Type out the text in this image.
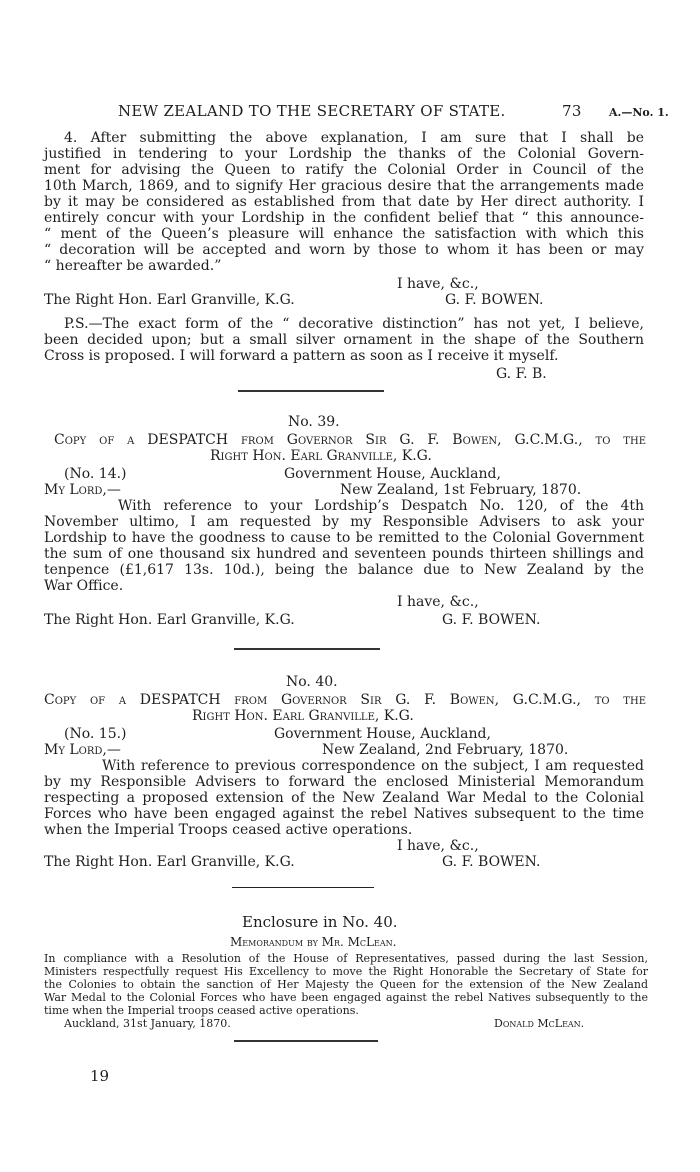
NEW ZEALAND TO THE SECRETARY OF STATE.	73 A.—No. 1.
4. After submitting the above explanation, I am sure that I shall be
justified in tendering to your Lordship the thanks of the Colonial Govern-
ment for advising the Queen to ratify the Colonial Order in Council of the
10th March, 1869, and to signify Her gracious desire that the arrangements made
by it may be considered as established from that date by Her direct authority. I
entirely concur with your Lordship in the confident belief that “ this announce-
“ ment of the Queen’s pleasure will enhance the satisfaction with which this
“ decoration will be accepted and worn by those to whom it has been or may
“ hereafter be awarded.”
I have, &c.,
The Right Hon. Earl Granville, K.G.	G. F. BOWEN.
P.S.—The exact form of the “ decorative distinction” has not yet, I believe,
been decided upon; but a small silver ornament in the shape of the Southern
Cross is proposed. I will forward a pattern as soon as I receive it myself.
G. F. B.
No. 39.
Copy of a DESPATCH from Governor Sir G. F. Bowen, G.C.M.G., to the
Right Hon. Earl Granville, K.G.
(No. 14.)	Government House, Auckland,
My Lord,—	New Zealand, 1st February, 1870.
With reference to your Lordship’s Despatch No. 120, of the 4th
November ultimo, I am requested by my Responsible Advisers to ask your
Lordship to have the goodness to cause to be remitted to the Colonial Government
the sum of one thousand six hundred and seventeen pounds thirteen shillings and
tenpence (£1,617 13s. 10d.), being the balance due to New Zealand by the
War Office.
I have, &c.,
The Right Hon. Earl Granville, K.G.	G. F. BOWEN.
No. 40.
Copy of a DESPATCH from Governor Sir G. F. Bowen, G.C.M.G., to the
Right Hon. Earl Granville, K.G.
(No. 15.)	Government House, Auckland,
My Lord,—	New Zealand, 2nd February, 1870.
With reference to previous correspondence on the subject, I am requested
by my Responsible Advisers to forward the enclosed Ministerial Memorandum
respecting a proposed extension of the New Zealand War Medal to the Colonial
Forces who have been engaged against the rebel Natives subsequent to the time
when the Imperial Troops ceased active operations.
I have, &c.,
The Right Hon. Earl Granville, K.G.	G. F. BOWEN.
Enclosure in No. 40.
Memorandum by Mr. McLean.
In compliance with a Resolution of the House of Representatives, passed during the last Session,
Ministers respectfully request His Excellency to move the Right Honorable the Secretary of State for
the Colonies to obtain the sanction of Her Majesty the Queen for the extension of the New Zealand
War Medal to the Colonial Forces who have been engaged against the rebel Natives subsequently to the
time when the Imperial troops ceased active operations.
Auckland, 31st January, 1870.	Donald McLean.
19
